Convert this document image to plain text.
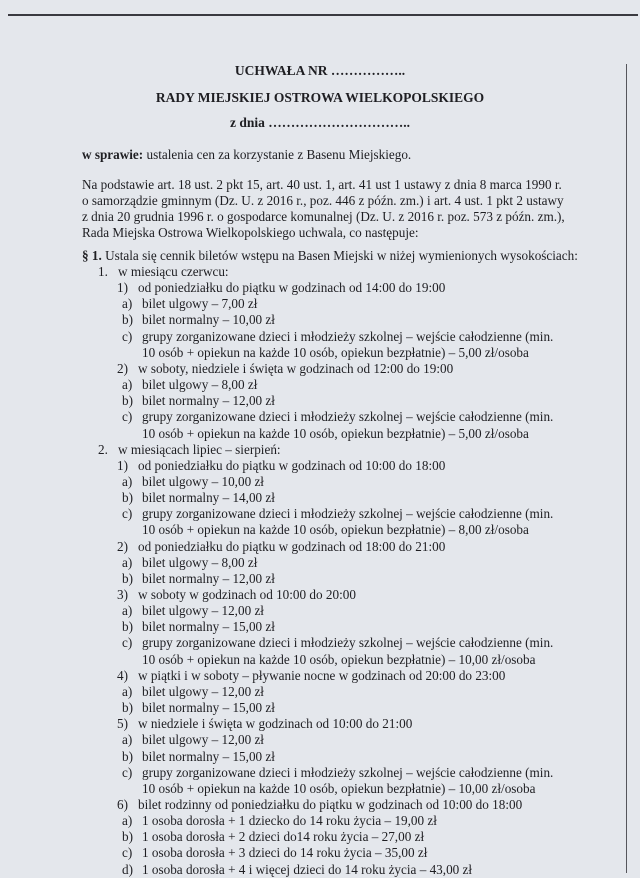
UCHWAŁA NR ……………..
RADY MIEJSKIEJ OSTROWA WIELKOPOLSKIEGO
z dnia …………………………..
w sprawie: ustalenia cen za korzystanie z Basenu Miejskiego.
Na podstawie art. 18 ust. 2 pkt 15, art. 40 ust. 1, art. 41 ust 1 ustawy z dnia 8 marca 1990 r.
o samorządzie gminnym (Dz. U. z 2016 r., poz. 446 z późn. zm.) i art. 4 ust. 1 pkt 2 ustawy
z dnia 20 grudnia 1996 r. o gospodarce komunalnej (Dz. U. z 2016 r. poz. 573 z późn. zm.),
Rada Miejska Ostrowa Wielkopolskiego uchwala, co następuje:
§ 1. Ustala się cennik biletów wstępu na Basen Miejski w niżej wymienionych wysokościach:
1. w miesiącu czerwcu:
1) od poniedziałku do piątku w godzinach od 14:00 do 19:00
a) bilet ulgowy – 7,00 zł
b) bilet normalny – 10,00 zł
c) grupy zorganizowane dzieci i młodzieży szkolnej – wejście całodzienne (min.
10 osób + opiekun na każde 10 osób, opiekun bezpłatnie) – 5,00 zł/osoba
2) w soboty, niedziele i święta w godzinach od 12:00 do 19:00
a) bilet ulgowy – 8,00 zł
b) bilet normalny – 12,00 zł
c) grupy zorganizowane dzieci i młodzieży szkolnej – wejście całodzienne (min.
10 osób + opiekun na każde 10 osób, opiekun bezpłatnie) – 5,00 zł/osoba
2. w miesiącach lipiec – sierpień:
1) od poniedziałku do piątku w godzinach od 10:00 do 18:00
a) bilet ulgowy – 10,00 zł
b) bilet normalny – 14,00 zł
c) grupy zorganizowane dzieci i młodzieży szkolnej – wejście całodzienne (min.
10 osób + opiekun na każde 10 osób, opiekun bezpłatnie) – 8,00 zł/osoba
2) od poniedziałku do piątku w godzinach od 18:00 do 21:00
a) bilet ulgowy – 8,00 zł
b) bilet normalny – 12,00 zł
3) w soboty w godzinach od 10:00 do 20:00
a) bilet ulgowy – 12,00 zł
b) bilet normalny – 15,00 zł
c) grupy zorganizowane dzieci i młodzieży szkolnej – wejście całodzienne (min.
10 osób + opiekun na każde 10 osób, opiekun bezpłatnie) – 10,00 zł/osoba
4) w piątki i w soboty – pływanie nocne w godzinach od 20:00 do 23:00
a) bilet ulgowy – 12,00 zł
b) bilet normalny – 15,00 zł
5) w niedziele i święta w godzinach od 10:00 do 21:00
a) bilet ulgowy – 12,00 zł
b) bilet normalny – 15,00 zł
c) grupy zorganizowane dzieci i młodzieży szkolnej – wejście całodzienne (min.
10 osób + opiekun na każde 10 osób, opiekun bezpłatnie) – 10,00 zł/osoba
6) bilet rodzinny od poniedziałku do piątku w godzinach od 10:00 do 18:00
a) 1 osoba dorosła + 1 dziecko do 14 roku życia – 19,00 zł
b) 1 osoba dorosła + 2 dzieci do14 roku życia – 27,00 zł
c) 1 osoba dorosła + 3 dzieci do 14 roku życia – 35,00 zł
d) 1 osoba dorosła + 4 i więcej dzieci do 14 roku życia – 43,00 zł
